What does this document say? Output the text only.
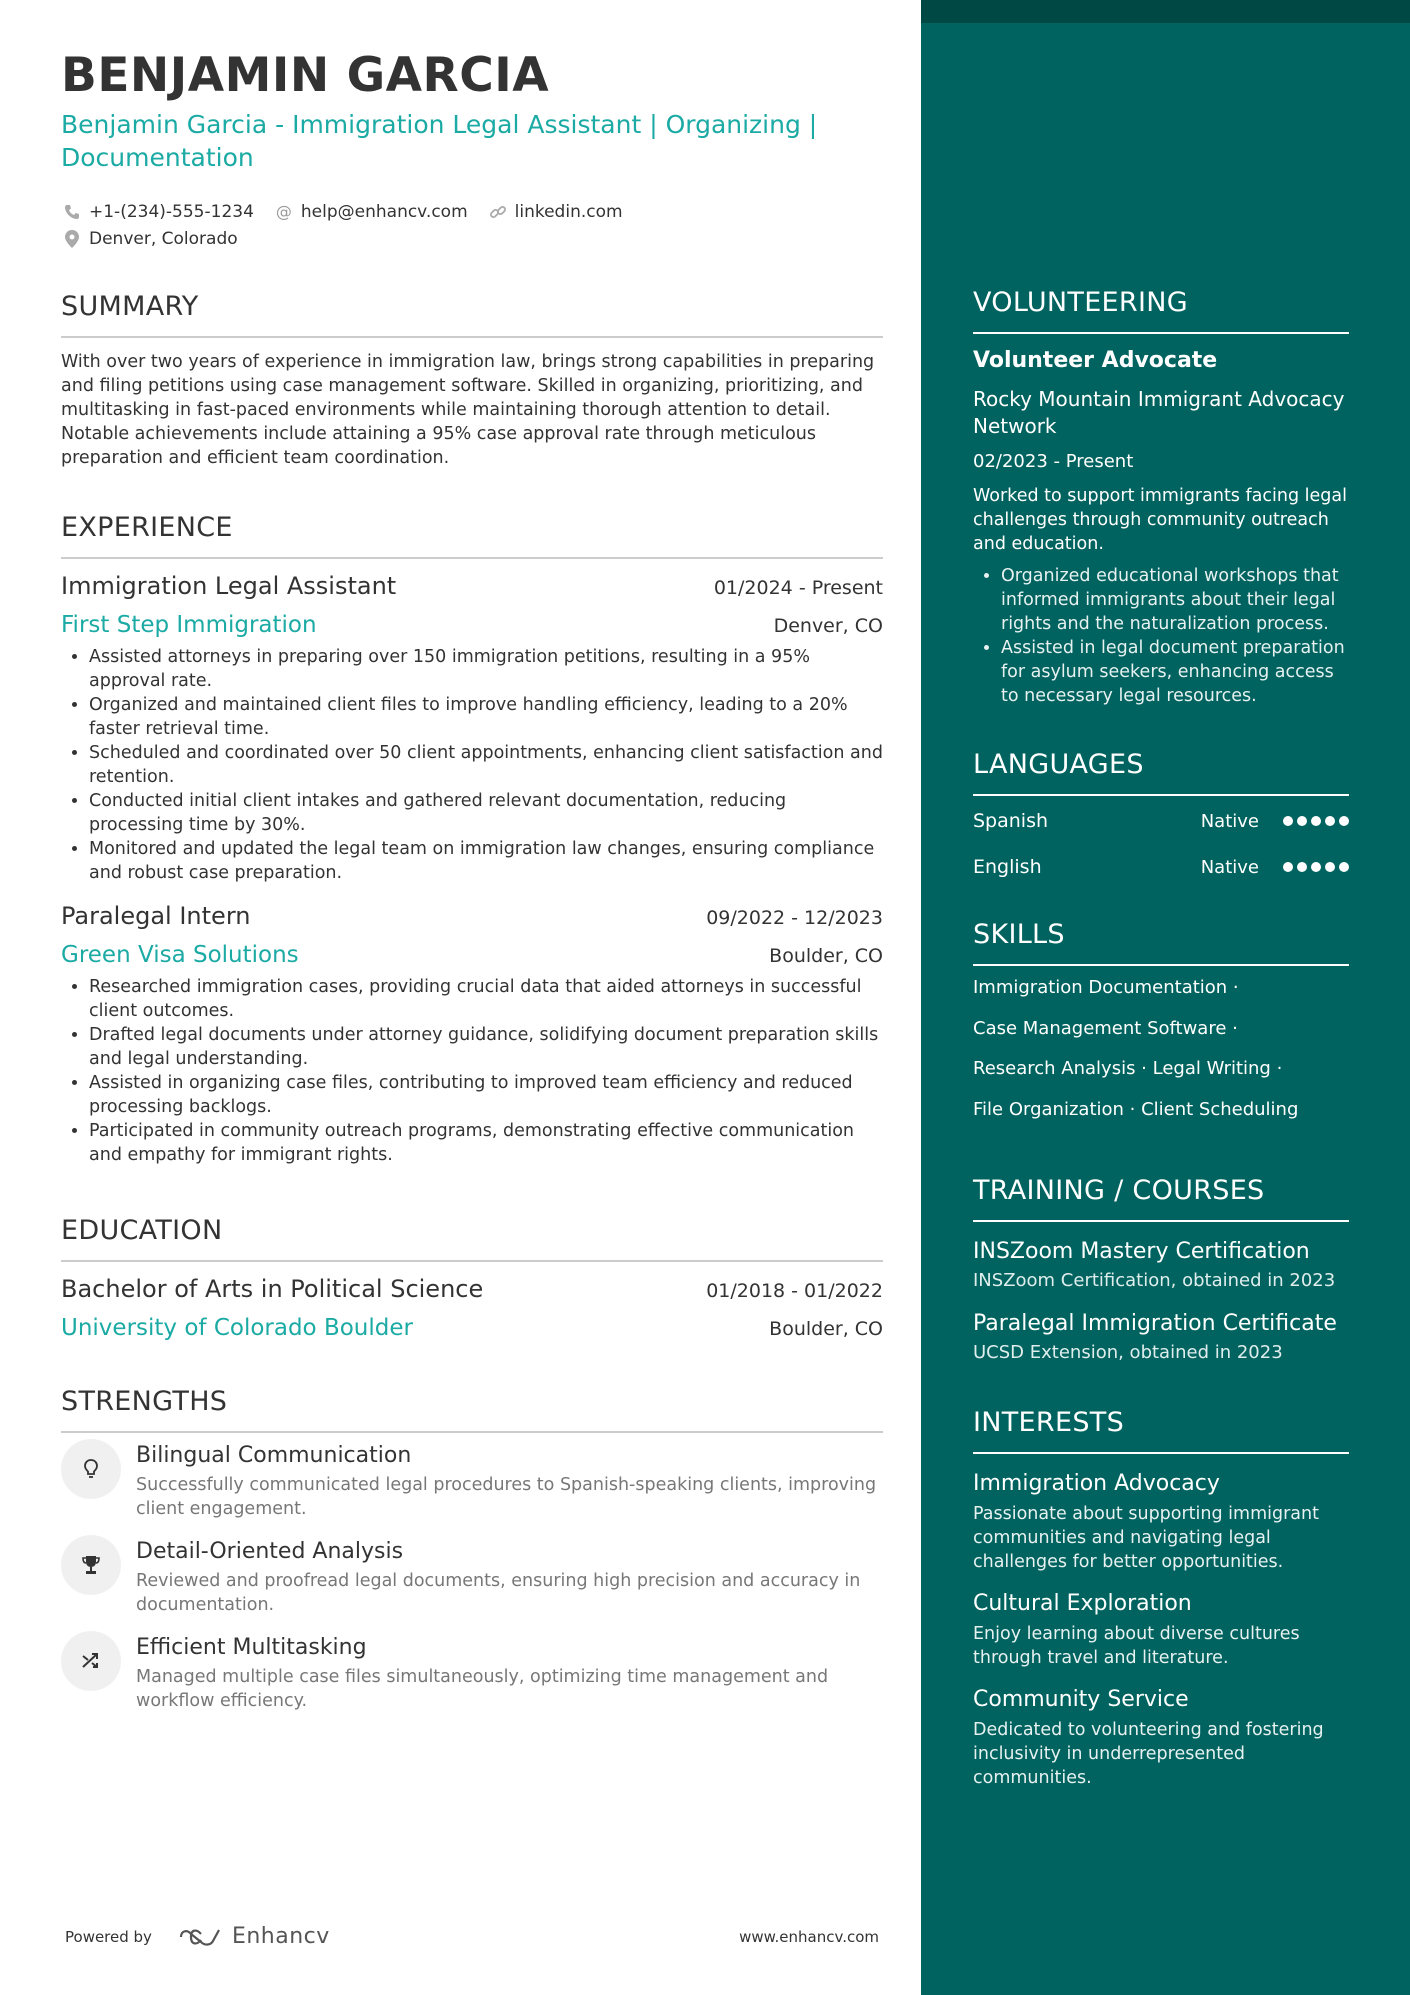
BENJAMIN GARCIA
Benjamin Garcia - Immigration Legal Assistant | Organizing | Documentation
+1-(234)-555-1234 @ help@enhancv.com	linkedin.com
Denver, Colorado
SUMMARY
With over two years of experience in immigration law, brings strong capabilities in preparing and filing petitions using case management software. Skilled in organizing, prioritizing, and multitasking in fast-paced environments while maintaining thorough attention to detail. Notable achievements include attaining a 95% case approval rate through meticulous preparation and efficient team coordination.
EXPERIENCE
Immigration Legal Assistant	01/2024 - Present
First Step Immigration	Denver, CO
• Assisted attorneys in preparing over 150 immigration petitions, resulting in a 95% approval rate.
• Organized and maintained client files to improve handling efficiency, leading to a 20% faster retrieval time.
• Scheduled and coordinated over 50 client appointments, enhancing client satisfaction and retention.
• Conducted initial client intakes and gathered relevant documentation, reducing processing time by 30%.
• Monitored and updated the legal team on immigration law changes, ensuring compliance and robust case preparation.
Paralegal Intern	09/2022 - 12/2023
Green Visa Solutions	Boulder, CO
• Researched immigration cases, providing crucial data that aided attorneys in successful client outcomes.
• Drafted legal documents under attorney guidance, solidifying document preparation skills and legal understanding.
• Assisted in organizing case files, contributing to improved team efficiency and reduced processing backlogs.
• Participated in community outreach programs, demonstrating effective communication and empathy for immigrant rights.
EDUCATION
Bachelor of Arts in Political Science	01/2018 - 01/2022
University of Colorado Boulder	Boulder, CO
STRENGTHS
Bilingual Communication
Successfully communicated legal procedures to Spanish-speaking clients, improving client engagement.
Detail-Oriented Analysis
Reviewed and proofread legal documents, ensuring high precision and accuracy in documentation.
Efficient Multitasking
Managed multiple case files simultaneously, optimizing time management and workflow efficiency.
Powered by	Enhancv	www.enhancv.com
VOLUNTEERING
Volunteer Advocate
Rocky Mountain Immigrant Advocacy Network
02/2023 - Present
Worked to support immigrants facing legal challenges through community outreach and education.
• Organized educational workshops that informed immigrants about their legal rights and the naturalization process.
• Assisted in legal document preparation for asylum seekers, enhancing access to necessary legal resources.
LANGUAGES
Spanish	Native
English	Native
SKILLS
Immigration Documentation ·
Case Management Software ·
Research Analysis · Legal Writing ·
File Organization · Client Scheduling
TRAINING / COURSES
INSZoom Mastery Certification
INSZoom Certification, obtained in 2023
Paralegal Immigration Certificate
UCSD Extension, obtained in 2023
INTERESTS
Immigration Advocacy
Passionate about supporting immigrant communities and navigating legal challenges for better opportunities.
Cultural Exploration
Enjoy learning about diverse cultures through travel and literature.
Community Service
Dedicated to volunteering and fostering inclusivity in underrepresented communities.
